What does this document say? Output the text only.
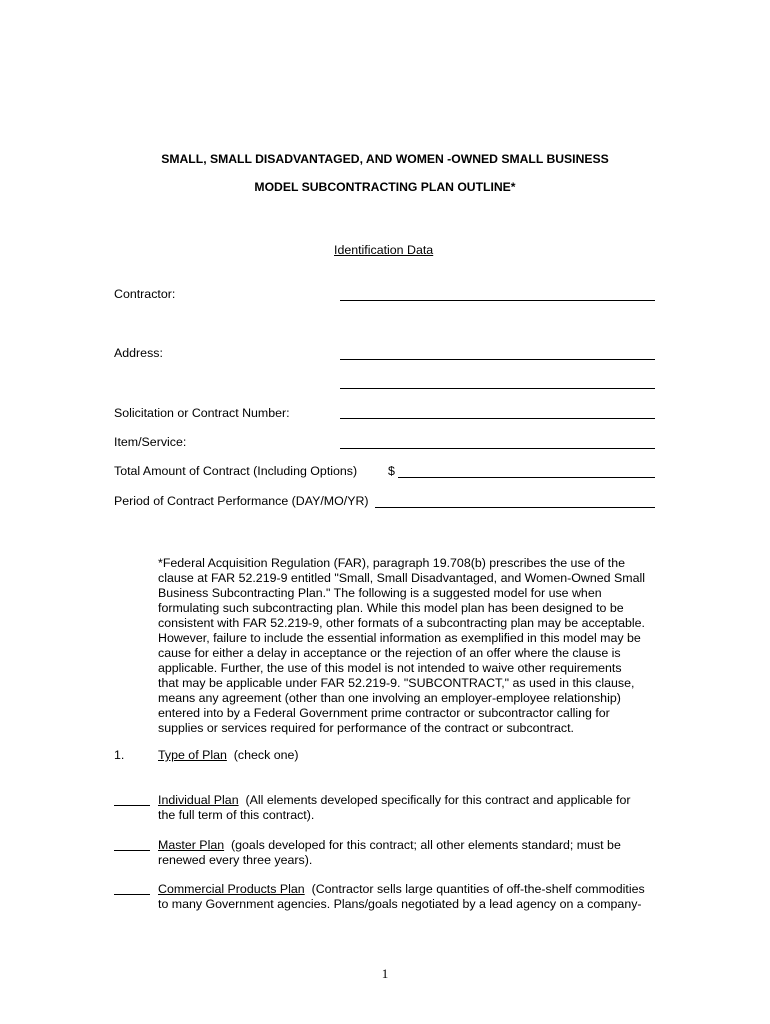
SMALL, SMALL DISADVANTAGED, AND WOMEN -OWNED SMALL BUSINESS
MODEL SUBCONTRACTING PLAN OUTLINE*
Identification Data
Contractor:
Address:
Solicitation or Contract Number:
Item/Service:
Total Amount of Contract (Including Options) $
Period of Contract Performance (DAY/MO/YR)

*Federal Acquisition Regulation (FAR), paragraph 19.708(b) prescribes the use of the

clause at FAR 52.219-9 entitled "Small, Small Disadvantaged, and Women-Owned Small

Business Subcontracting Plan." The following is a suggested model for use when

formulating such subcontracting plan. While this model plan has been designed to be

consistent with FAR 52.219-9, other formats of a subcontracting plan may be acceptable.

However, failure to include the essential information as exemplified in this model may be

cause for either a delay in acceptance or the rejection of an offer where the clause is

applicable. Further, the use of this model is not intended to waive other requirements

that may be applicable under FAR 52.219-9. "SUBCONTRACT," as used in this clause,

means any agreement (other than one involving an employer-employee relationship)

entered into by a Federal Government prime contractor or subcontractor calling for

supplies or services required for performance of the contract or subcontract.

1.	Type of Plan (check one)
Individual Plan (All elements developed specifically for this contract and applicable for
the full term of this contract).
Master Plan (goals developed for this contract; all other elements standard; must be
renewed every three years).
Commercial Products Plan (Contractor sells large quantities of off-the-shelf commodities
to many Government agencies. Plans/goals negotiated by a lead agency on a company-
1
